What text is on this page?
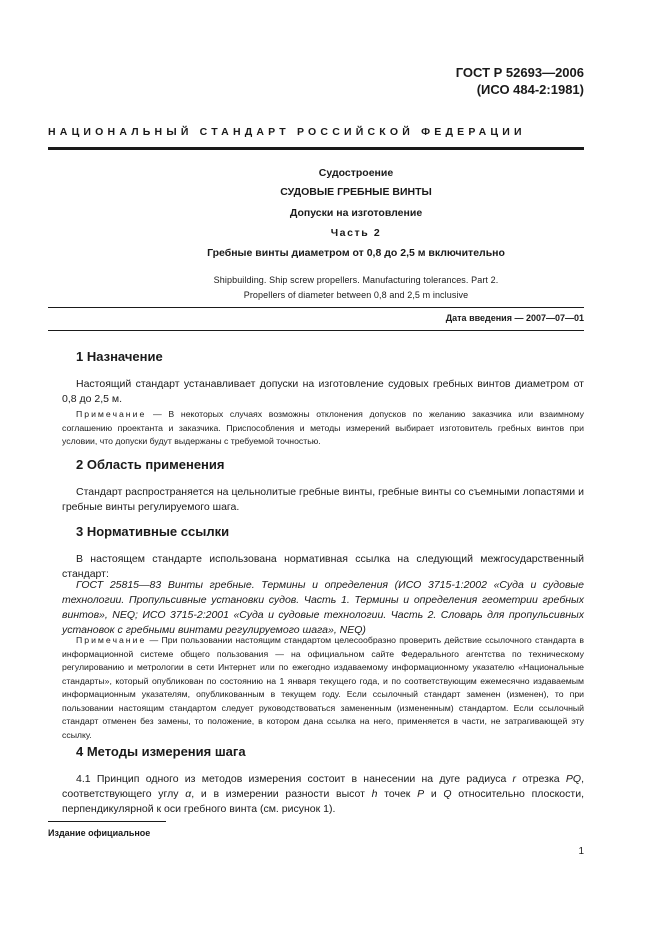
ГОСТ Р 52693—2006
(ИСО 484-2:1981)
НАЦИОНАЛЬНЫЙ СТАНДАРТ РОССИЙСКОЙ ФЕДЕРАЦИИ
Судостроение
СУДОВЫЕ ГРЕБНЫЕ ВИНТЫ
Допуски на изготовление
Часть 2
Гребные винты диаметром от 0,8 до 2,5 м включительно
Shipbuilding. Ship screw propellers. Manufacturing tolerances. Part 2.
Propellers of diameter between 0,8 and 2,5 m inclusive
Дата введения — 2007—07—01
1 Назначение
Настоящий стандарт устанавливает допуски на изготовление судовых гребных винтов диаметром от 0,8 до 2,5 м.
Примечание — В некоторых случаях возможны отклонения допусков по желанию заказчика или взаимному соглашению проектанта и заказчика. Приспособления и методы измерений выбирает изготовитель гребных винтов при условии, что допуски будут выдержаны с требуемой точностью.
2 Область применения
Стандарт распространяется на цельнолитые гребные винты, гребные винты со съемными лопастями и гребные винты регулируемого шага.
3 Нормативные ссылки
В настоящем стандарте использована нормативная ссылка на следующий межгосударственный стандарт:
ГОСТ 25815—83 Винты гребные. Термины и определения (ИСО 3715-1:2002 «Суда и судовые технологии. Пропульсивные установки судов. Часть 1. Термины и определения геометрии гребных винтов», NEQ; ИСО 3715-2:2001 «Суда и судовые технологии. Часть 2. Словарь для пропульсивных установок с гребными винтами регулируемого шага», NEQ)
Примечание — При пользовании настоящим стандартом целесообразно проверить действие ссылочного стандарта в информационной системе общего пользования — на официальном сайте Федерального агентства по техническому регулированию и метрологии в сети Интернет или по ежегодно издаваемому информационному указателю «Национальные стандарты», который опубликован по состоянию на 1 января текущего года, и по соответствующим ежемесячно издаваемым информационным указателям, опубликованным в текущем году. Если ссылочный стандарт заменен (изменен), то при пользовании настоящим стандартом следует руководствоваться замененным (измененным) стандартом. Если ссылочный стандарт отменен без замены, то положение, в котором дана ссылка на него, применяется в части, не затрагивающей эту ссылку.
4 Методы измерения шага
4.1 Принцип одного из методов измерения состоит в нанесении на дуге радиуса r отрезка PQ, соответствующего углу α, и в измерении разности высот h точек P и Q относительно плоскости, перпендикулярной к оси гребного винта (см. рисунок 1).
Издание официальное
1
